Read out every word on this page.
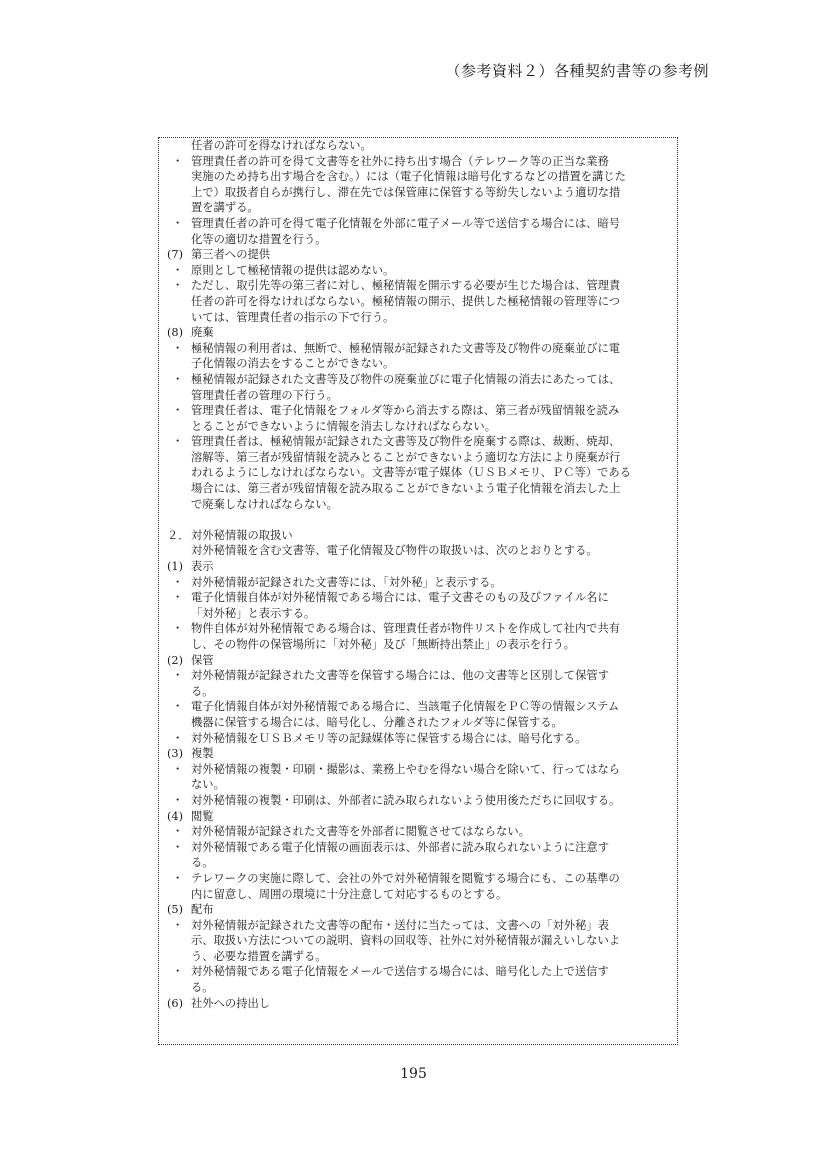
（参考資料２）各種契約書等の参考例
任者の許可を得なければならない。
・ 管理責任者の許可を得て文書等を社外に持ち出す場合（テレワーク等の正当な業務
実施のため持ち出す場合を含む。）には（電子化情報は暗号化するなどの措置を講じた
上で）取扱者自らが携行し、滞在先では保管庫に保管する等紛失しないよう適切な措
置を講ずる。
・ 管理責任者の許可を得て電子化情報を外部に電子メール等で送信する場合には、暗号
化等の適切な措置を行う。
(7) 第三者への提供
・ 原則として極秘情報の提供は認めない。
・ ただし、取引先等の第三者に対し、極秘情報を開示する必要が生じた場合は、管理責
任者の許可を得なければならない。極秘情報の開示、提供した極秘情報の管理等につ
いては、管理責任者の指示の下で行う。
(8) 廃棄
・ 極秘情報の利用者は、無断で、極秘情報が記録された文書等及び物件の廃棄並びに電
子化情報の消去をすることができない。
・ 極秘情報が記録された文書等及び物件の廃棄並びに電子化情報の消去にあたっては、
管理責任者の管理の下行う。
・ 管理責任者は、電子化情報をフォルダ等から消去する際は、第三者が残留情報を読み
とることができないように情報を消去しなければならない。
・ 管理責任者は、極秘情報が記録された文書等及び物件を廃棄する際は、裁断、焼却、
溶解等、第三者が残留情報を読みとることができないよう適切な方法により廃棄が行
われるようにしなければならない。文書等が電子媒体（ＵＳＢメモリ、ＰＣ等）である
場合には、第三者が残留情報を読み取ることができないよう電子化情報を消去した上
で廃棄しなければならない。
２． 対外秘情報の取扱い
対外秘情報を含む文書等、電子化情報及び物件の取扱いは、次のとおりとする。
(1) 表示
・ 対外秘情報が記録された文書等には、「対外秘」と表示する。
・ 電子化情報自体が対外秘情報である場合には、電子文書そのもの及びファイル名に
「対外秘」と表示する。
・ 物件自体が対外秘情報である場合は、管理責任者が物件リストを作成して社内で共有
し、その物件の保管場所に「対外秘」及び「無断持出禁止」の表示を行う。
(2) 保管
・ 対外秘情報が記録された文書等を保管する場合には、他の文書等と区別して保管す
る。
・ 電子化情報自体が対外秘情報である場合に、当該電子化情報をＰＣ等の情報システム
機器に保管する場合には、暗号化し、分離されたフォルダ等に保管する。
・ 対外秘情報をＵＳＢメモリ等の記録媒体等に保管する場合には、暗号化する。
(3) 複製
・ 対外秘情報の複製・印刷・撮影は、業務上やむを得ない場合を除いて、行ってはなら
ない。
・ 対外秘情報の複製・印刷は、外部者に読み取られないよう使用後ただちに回収する。
(4) 閲覧
・ 対外秘情報が記録された文書等を外部者に閲覧させてはならない。
・ 対外秘情報である電子化情報の画面表示は、外部者に読み取られないように注意す
る。
・ テレワークの実施に際して、会社の外で対外秘情報を閲覧する場合にも、この基準の
内に留意し、周囲の環境に十分注意して対応するものとする。
(5) 配布
・ 対外秘情報が記録された文書等の配布・送付に当たっては、文書への「対外秘」表
示、取扱い方法についての説明、資料の回収等、社外に対外秘情報が漏えいしないよ
う、必要な措置を講ずる。
・ 対外秘情報である電子化情報をメールで送信する場合には、暗号化した上で送信す
る。
(6) 社外への持出し
195
